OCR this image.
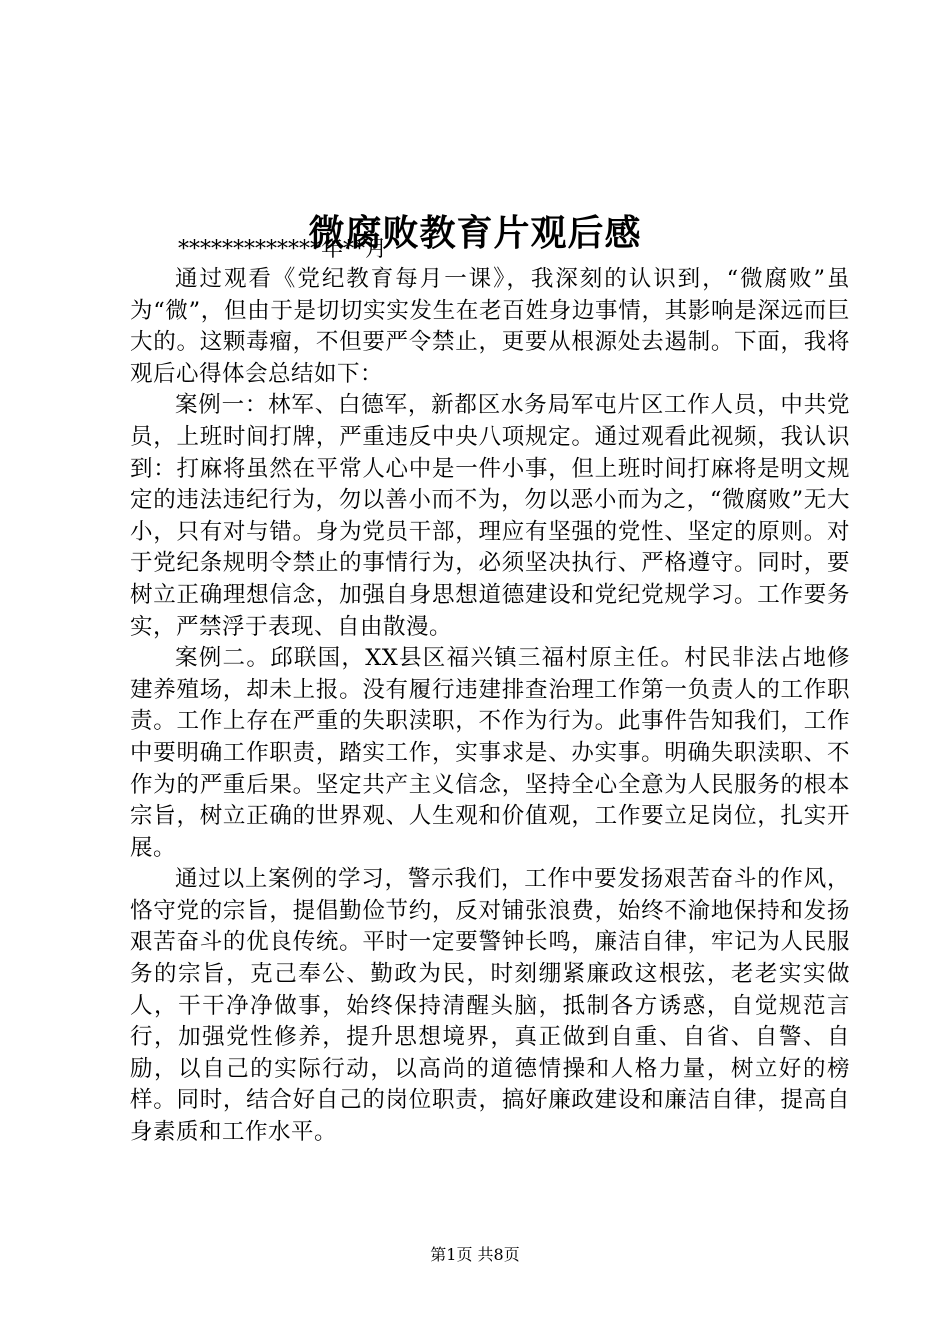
微腐败教育片观后感
*************年**月

通过观看《党纪教育每月一课》，我深刻的认识到，“微腐败”虽为“微”，但由于是切切实实发生在老百姓身边事情，其影响是深远而巨大的。这颗毒瘤，不但要严令禁止，更要从根源处去遏制。下面，我将观后心得体会总结如下：

案例一：林军、白德军，新都区水务局军屯片区工作人员，中共党员，上班时间打牌，严重违反中央八项规定。通过观看此视频，我认识到：打麻将虽然在平常人心中是一件小事，但上班时间打麻将是明文规定的违法违纪行为，勿以善小而不为，勿以恶小而为之，“微腐败”无大小，只有对与错。身为党员干部，理应有坚强的党性、坚定的原则。对于党纪条规明令禁止的事情行为，必须坚决执行、严格遵守。同时，要树立正确理想信念，加强自身思想道德建设和党纪党规学习。工作要务实，严禁浮于表现、自由散漫。

案例二。邱联国，XX县区福兴镇三福村原主任。村民非法占地修建养殖场，却未上报。没有履行违建排查治理工作第一负责人的工作职责。工作上存在严重的失职渎职，不作为行为。此事件告知我们，工作中要明确工作职责，踏实工作，实事求是、办实事。明确失职渎职、不作为的严重后果。坚定共产主义信念，坚持全心全意为人民服务的根本宗旨，树立正确的世界观、人生观和价值观，工作要立足岗位，扎实开展。

通过以上案例的学习，警示我们，工作中要发扬艰苦奋斗的作风，恪守党的宗旨，提倡勤俭节约，反对铺张浪费，始终不渝地保持和发扬艰苦奋斗的优良传统。平时一定要警钟长鸣，廉洁自律，牢记为人民服务的宗旨，克己奉公、勤政为民，时刻绷紧廉政这根弦，老老实实做人，干干净净做事，始终保持清醒头脑，抵制各方诱惑，自觉规范言行，加强党性修养，提升思想境界，真正做到自重、自省、自警、自励，以自己的实际行动，以高尚的道德情操和人格力量，树立好的榜样。同时，结合好自己的岗位职责，搞好廉政建设和廉洁自律，提高自身素质和工作水平。

第1页 共8页
